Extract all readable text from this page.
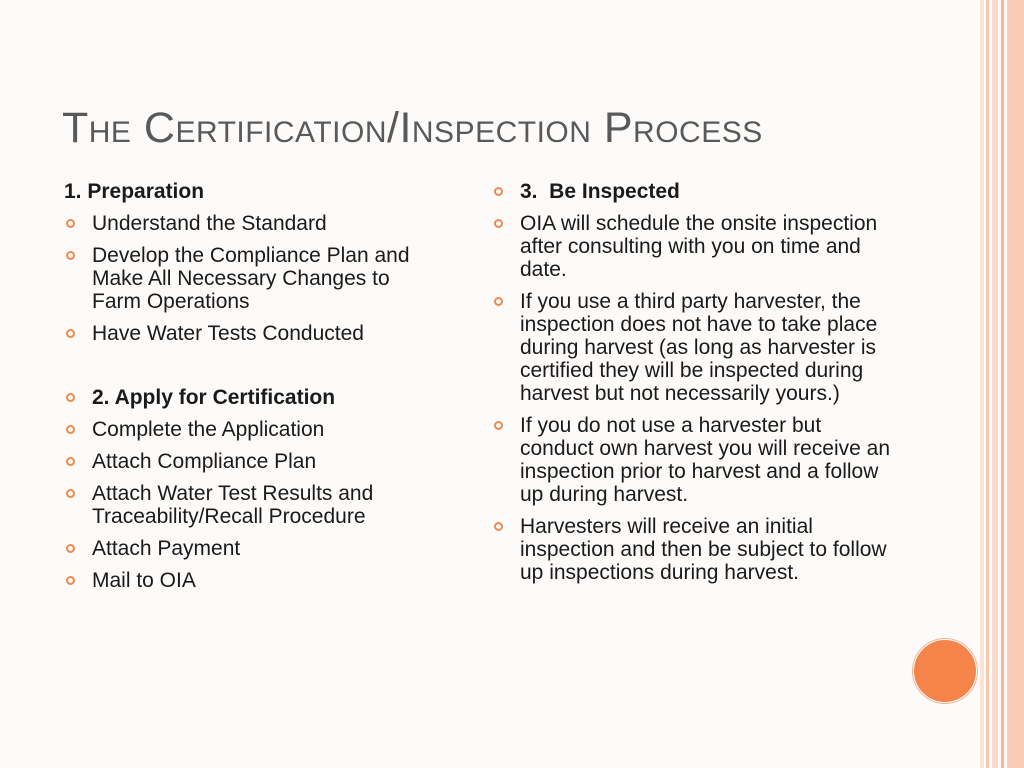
The Certification/Inspection Process
1. Preparation
Understand the Standard
Develop the Compliance Plan and Make All Necessary Changes to Farm Operations
Have Water Tests Conducted
2. Apply for Certification
Complete the Application
Attach Compliance Plan
Attach Water Test Results and Traceability/Recall Procedure
Attach Payment
Mail to OIA
3.  Be Inspected
OIA will schedule the onsite inspection after consulting with you on time and date.
If you use a third party harvester, the inspection does not have to take place during harvest (as long as harvester is certified they will be inspected during harvest but not necessarily yours.)
If you do not use a harvester but conduct own harvest you will receive an inspection prior to harvest and a follow up during harvest.
Harvesters will receive an initial inspection and then be subject to follow up inspections during harvest.
